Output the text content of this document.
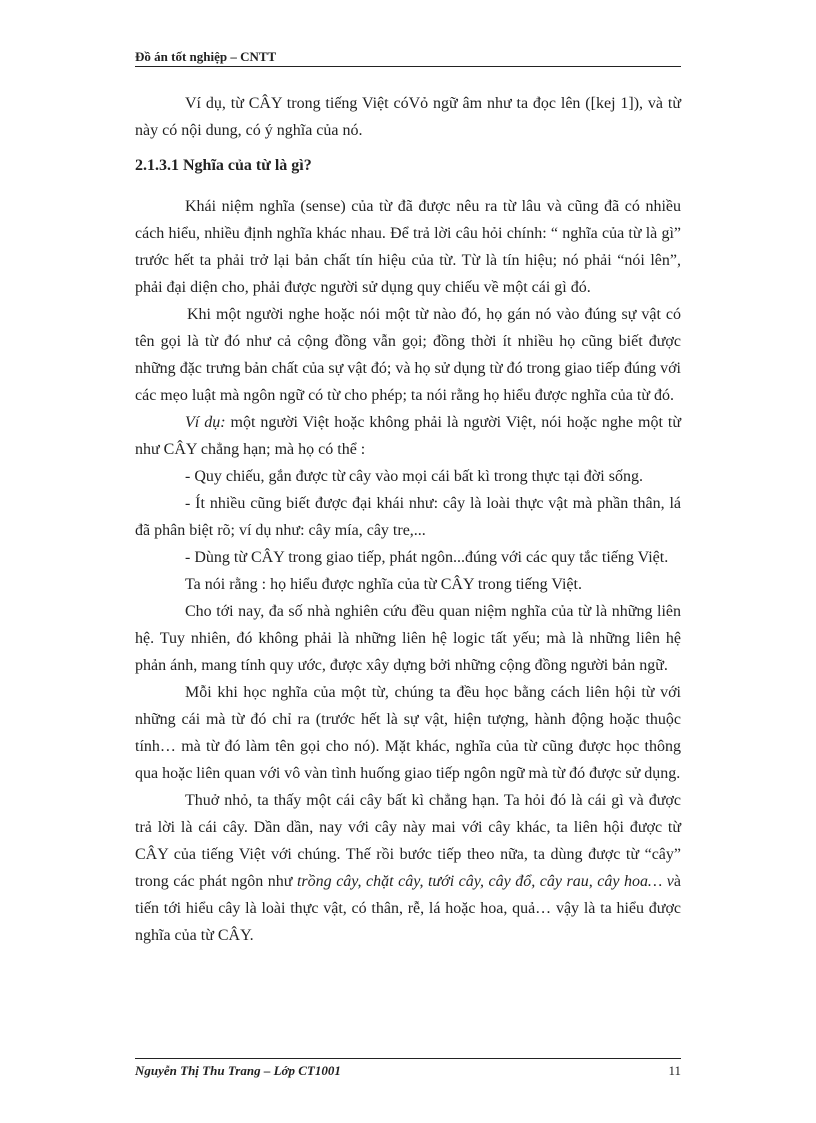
Đồ án tốt nghiệp – CNTT

Ví dụ, từ CÂY trong tiếng Việt cóVỏ ngữ âm như ta đọc lên ([kej 1]), và từ này có nội dung, có ý nghĩa của nó.

2.1.3.1 Nghĩa của từ là gì?

Khái niệm nghĩa (sense) của từ đã được nêu ra từ lâu và cũng đã có nhiều cách hiểu, nhiều định nghĩa khác nhau. Để trả lời câu hỏi chính: “ nghĩa của từ là gì” trước hết ta phải trở lại bản chất tín hiệu của từ. Từ là tín hiệu; nó phải “nói lên”, phải đại diện cho, phải được người sử dụng quy chiếu về một cái gì đó.

Khi một người nghe hoặc nói một từ nào đó, họ gán nó vào đúng sự vật có tên gọi là từ đó như cả cộng đồng vẫn gọi; đồng thời ít nhiều họ cũng biết được những đặc trưng bản chất của sự vật đó; và họ sử dụng từ đó trong giao tiếp đúng với các mẹo luật mà ngôn ngữ có từ cho phép; ta nói rằng họ hiểu được nghĩa của từ đó.

Ví dụ: một người Việt hoặc không phải là người Việt, nói hoặc nghe một từ như CÂY chẳng hạn; mà họ có thể :

- Quy chiếu, gắn được từ cây vào mọi cái bất kì trong thực tại đời sống.

- Ít nhiều cũng biết được đại khái như: cây là loài thực vật mà phần thân, lá đã phân biệt rõ; ví dụ như: cây mía, cây tre,...

- Dùng từ CÂY trong giao tiếp, phát ngôn...đúng với các quy tắc tiếng Việt.

Ta nói rằng : họ hiểu được nghĩa của từ CÂY trong tiếng Việt.

Cho tới nay, đa số nhà nghiên cứu đều quan niệm nghĩa của từ là những liên hệ. Tuy nhiên, đó không phải là những liên hệ logic tất yếu; mà là những liên hệ phản ánh, mang tính quy ước, được xây dựng bởi những cộng đồng người bản ngữ.

Mỗi khi học nghĩa của một từ, chúng ta đều học bằng cách liên hội từ với những cái mà từ đó chỉ ra (trước hết là sự vật, hiện tượng, hành động hoặc thuộc tính… mà từ đó làm tên gọi cho nó). Mặt khác, nghĩa của từ cũng được học thông qua hoặc liên quan với vô vàn tình huống giao tiếp ngôn ngữ mà từ đó được sử dụng.

Thuở nhỏ, ta thấy một cái cây bất kì chẳng hạn. Ta hỏi đó là cái gì và được trả lời là cái cây. Dần dần, nay với cây này mai với cây khác, ta liên hội được từ CÂY của tiếng Việt với chúng. Thế rồi bước tiếp theo nữa, ta dùng được từ “cây” trong các phát ngôn như trồng cây, chặt cây, tưới cây, cây đổ, cây rau, cây hoa… và tiến tới hiểu cây là loài thực vật, có thân, rễ, lá hoặc hoa, quả… vậy là ta hiểu được nghĩa của từ CÂY.

Nguyễn Thị Thu Trang – Lớp CT1001	11
